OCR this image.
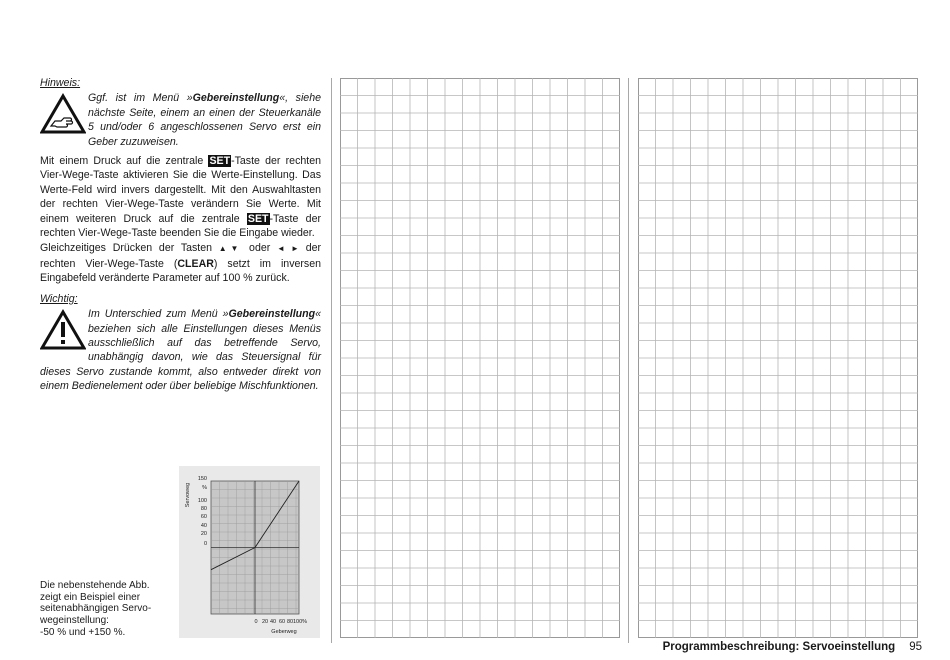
Hinweis:
Ggf. ist im Menü »Gebereinstellung«, siehe nächste Seite, einem an einen der Steuerkanäle 5 und/oder 6 angeschlossenen Servo erst ein Geber zuzuweisen.
Mit einem Druck auf die zentrale SET-Taste der rechten Vier-Wege-Taste aktivieren Sie die Werte-Einstellung. Das Werte-Feld wird invers dargestellt. Mit den Auswahltasten der rechten Vier-Wege-Taste verändern Sie Werte. Mit einem weiteren Druck auf die zentrale SET-Taste der rechten Vier-Wege-Taste beenden Sie die Eingabe wieder.
Gleichzeitiges Drücken der Tasten ▲▼ oder ◄ ► der rechten Vier-Wege-Taste (CLEAR) setzt im inversen Eingabefeld veränderte Parameter auf 100 % zurück.
Wichtig:
Im Unterschied zum Menü »Gebereinstellung« beziehen sich alle Einstellungen dieses Menüs ausschließlich auf das betreffende Servo, unabhängig davon, wie das Steuersignal für dieses Servo zustande kommt, also entweder direkt von einem Bedienelement oder über beliebige Mischfunktionen.
Die nebenstehende Abb.
zeigt ein Beispiel einer
seitenabhängigen Servo-
wegeinstellung:
-50 % und +150 %.
150
%
100
80
60
40
20
0
0 20 40 60 80 100%
Servoweg
Geberweg
Programmbeschreibung: Servoeinstellung 95
